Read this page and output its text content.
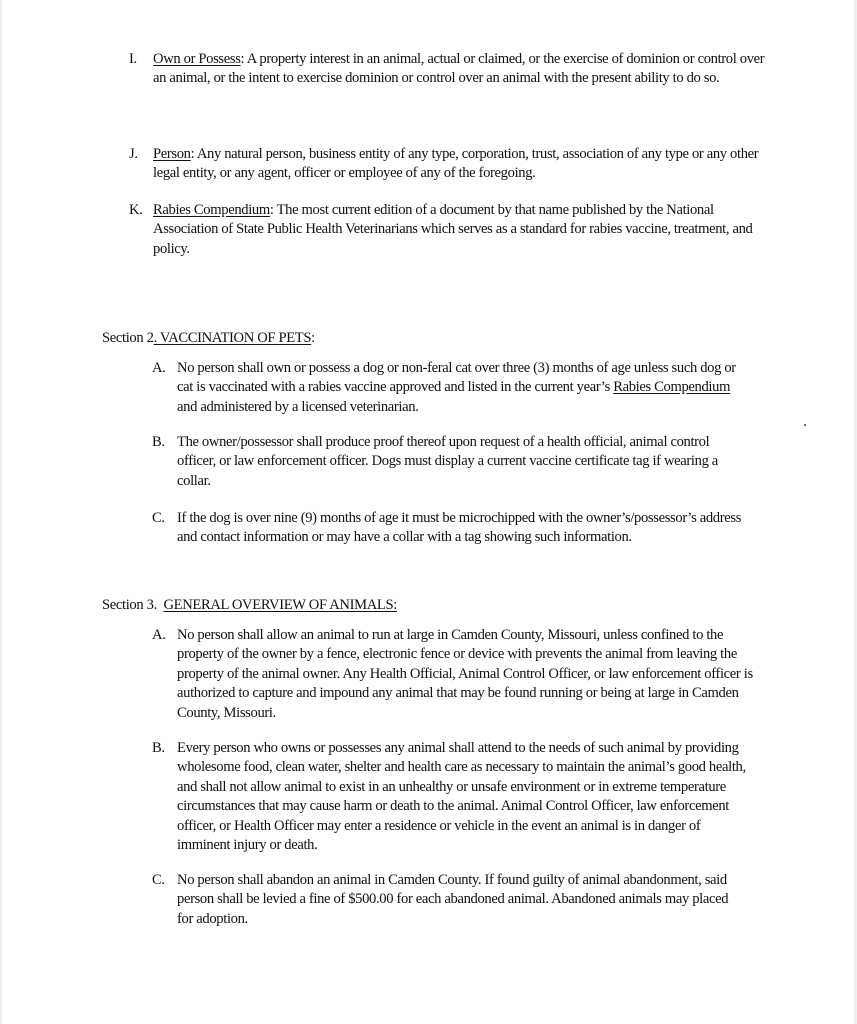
I. Own or Possess: A property interest in an animal, actual or claimed, or the exercise of dominion or control over an animal, or the intent to exercise dominion or control over an animal with the present ability to do so.
J. Person: Any natural person, business entity of any type, corporation, trust, association of any type or any other legal entity, or any agent, officer or employee of any of the foregoing.
K. Rabies Compendium: The most current edition of a document by that name published by the National Association of State Public Health Veterinarians which serves as a standard for rabies vaccine, treatment, and policy.
Section 2. VACCINATION OF PETS:
A. No person shall own or possess a dog or non-feral cat over three (3) months of age unless such dog or cat is vaccinated with a rabies vaccine approved and listed in the current year’s Rabies Compendium and administered by a licensed veterinarian.
B. The owner/possessor shall produce proof thereof upon request of a health official, animal control officer, or law enforcement officer. Dogs must display a current vaccine certificate tag if wearing a collar.
C. If the dog is over nine (9) months of age it must be microchipped with the owner’s/possessor’s address and contact information or may have a collar with a tag showing such information.
Section 3.  GENERAL OVERVIEW OF ANIMALS:
A. No person shall allow an animal to run at large in Camden County, Missouri, unless confined to the property of the owner by a fence, electronic fence or device with prevents the animal from leaving the property of the animal owner. Any Health Official, Animal Control Officer, or law enforcement officer is authorized to capture and impound any animal that may be found running or being at large in Camden County, Missouri.
B. Every person who owns or possesses any animal shall attend to the needs of such animal by providing wholesome food, clean water, shelter and health care as necessary to maintain the animal’s good health, and shall not allow animal to exist in an unhealthy or unsafe environment or in extreme temperature circumstances that may cause harm or death to the animal. Animal Control Officer, law enforcement officer, or Health Officer may enter a residence or vehicle in the event an animal is in danger of imminent injury or death.
C. No person shall abandon an animal in Camden County. If found guilty of animal abandonment, said person shall be levied a fine of $500.00 for each abandoned animal. Abandoned animals may placed for adoption.
